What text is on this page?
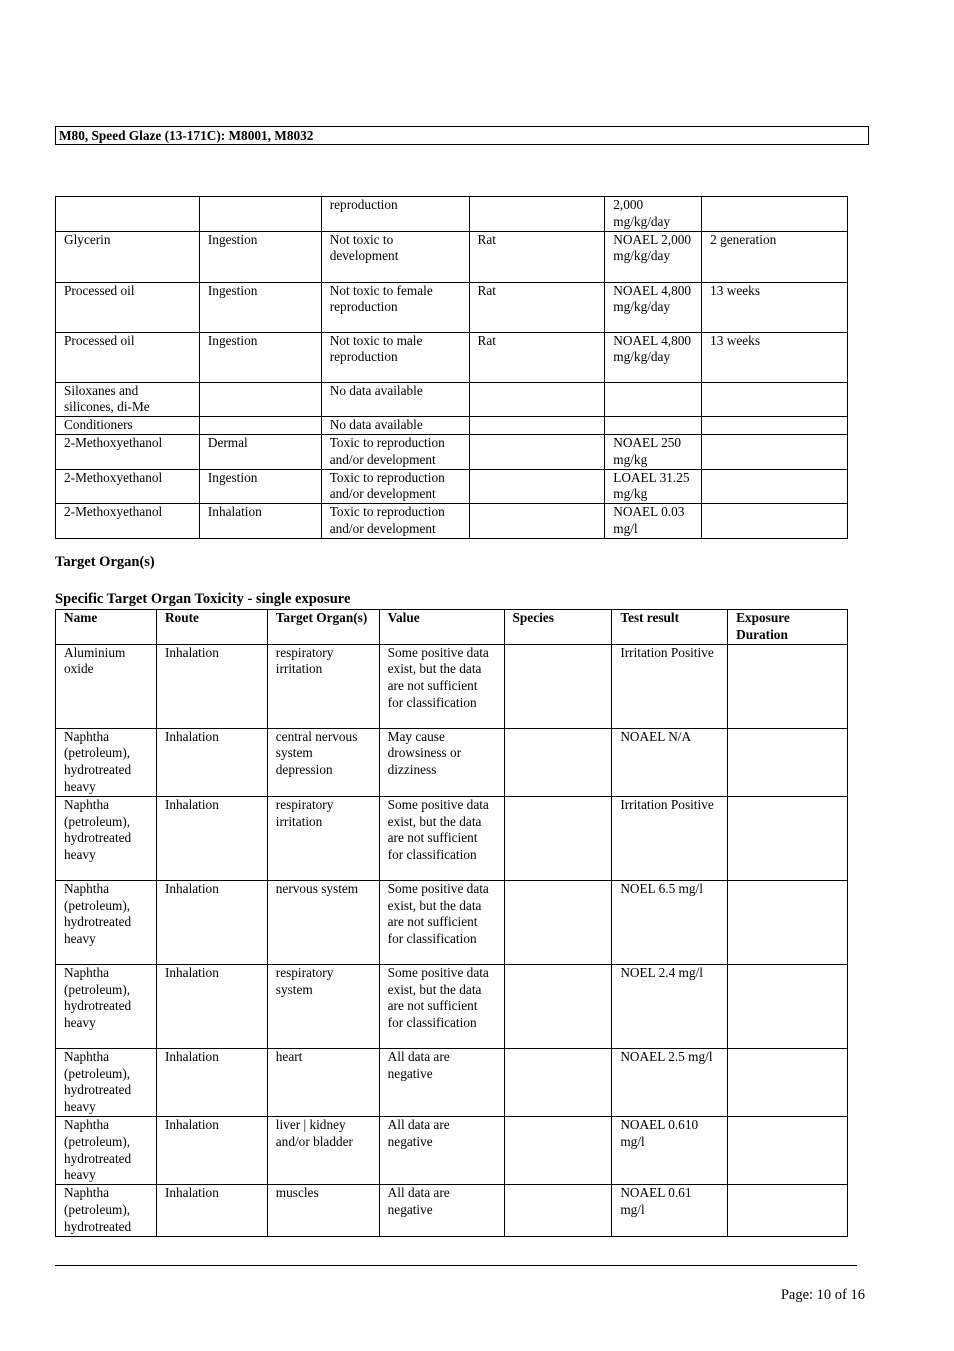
M80, Speed Glaze (13-171C): M8001, M8032
		reproduction		2,000 mg/kg/day	
Glycerin	Ingestion	Not toxic to development	Rat	NOAEL 2,000 mg/kg/day	2 generation
Processed oil	Ingestion	Not toxic to female reproduction	Rat	NOAEL 4,800 mg/kg/day	13 weeks
Processed oil	Ingestion	Not toxic to male reproduction	Rat	NOAEL 4,800 mg/kg/day	13 weeks
Siloxanes and silicones, di-Me		No data available			
Conditioners		No data available			
2-Methoxyethanol	Dermal	Toxic to reproduction and/or development		NOAEL 250 mg/kg	
2-Methoxyethanol	Ingestion	Toxic to reproduction and/or development		LOAEL 31.25 mg/kg	
2-Methoxyethanol	Inhalation	Toxic to reproduction and/or development		NOAEL 0.03 mg/l	
Target Organ(s)
Specific Target Organ Toxicity - single exposure
Name	Route	Target Organ(s)	Value	Species	Test result	Exposure Duration
Aluminium oxide	Inhalation	respiratory irritation	Some positive data exist, but the data are not sufficient for classification		Irritation Positive	
Naphtha (petroleum), hydrotreated heavy	Inhalation	central nervous system depression	May cause drowsiness or dizziness		NOAEL N/A	
Naphtha (petroleum), hydrotreated heavy	Inhalation	respiratory irritation	Some positive data exist, but the data are not sufficient for classification		Irritation Positive	
Naphtha (petroleum), hydrotreated heavy	Inhalation	nervous system	Some positive data exist, but the data are not sufficient for classification		NOEL 6.5 mg/l	
Naphtha (petroleum), hydrotreated heavy	Inhalation	respiratory system	Some positive data exist, but the data are not sufficient for classification		NOEL 2.4 mg/l	
Naphtha (petroleum), hydrotreated heavy	Inhalation	heart	All data are negative		NOAEL 2.5 mg/l	
Naphtha (petroleum), hydrotreated heavy	Inhalation	liver | kidney and/or bladder	All data are negative		NOAEL 0.610 mg/l	
Naphtha (petroleum), hydrotreated	Inhalation	muscles	All data are negative		NOAEL 0.61 mg/l	
Page: 10 of 16
